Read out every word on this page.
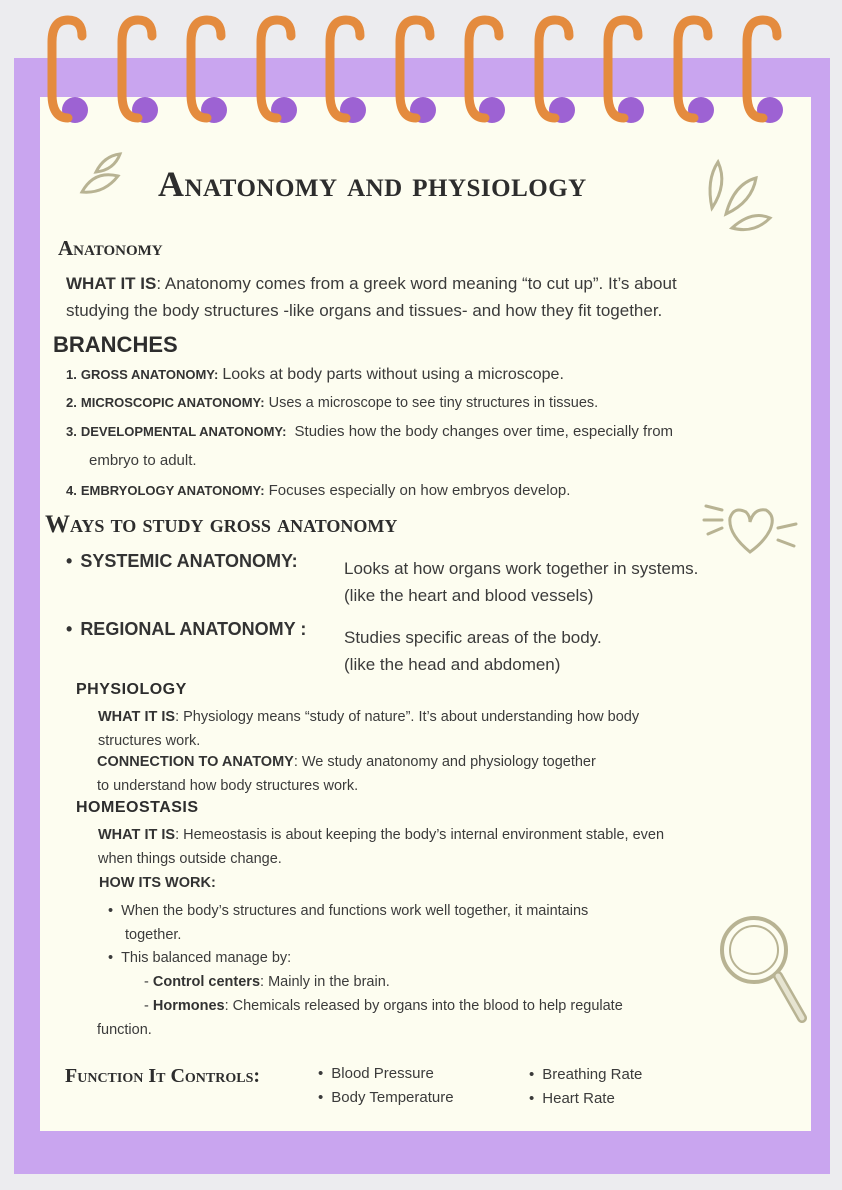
Anatonomy and physiology
Anatonomy
WHAT IT IS: Anatonomy comes from a greek word meaning “to cut up”. It’s about
studying the body structures -like organs and tissues- and how they fit together.
BRANCHES
1. GROSS ANATONOMY: Looks at body parts without using a microscope.
2. MICROSCOPIC ANATONOMY: Uses a microscope to see tiny structures in tissues.
3. DEVELOPMENTAL ANATONOMY: Studies how the body changes over time, especially from
embryo to adult.
4. EMBRYOLOGY ANATONOMY: Focuses especially on how embryos develop.
Ways to study gross anatonomy
• SYSTEMIC ANATONOMY:	Looks at how organs work together in systems.
(like the heart and blood vessels)
• REGIONAL ANATONOMY : Studies specific areas of the body.
(like the head and abdomen)
PHYSIOLOGY
WHAT IT IS: Physiology means “study of nature”. It’s about understanding how body
structures work.
CONNECTION TO ANATOMY: We study anatonomy and physiology together
to understand how body structures work.
HOMEOSTASIS
WHAT IT IS: Hemeostasis is about keeping the body’s internal environment stable, even
when things outside change.
HOW ITS WORK:
• When the body’s structures and functions work well together, it maintains
together.
• This balanced manage by:
- Control centers: Mainly in the brain.
- Hormones: Chemicals released by organs into the blood to help regulate
function.
Function It Controls:
•	Blood Pressure
• Body Temperature
• Breathing Rate
• Heart Rate
